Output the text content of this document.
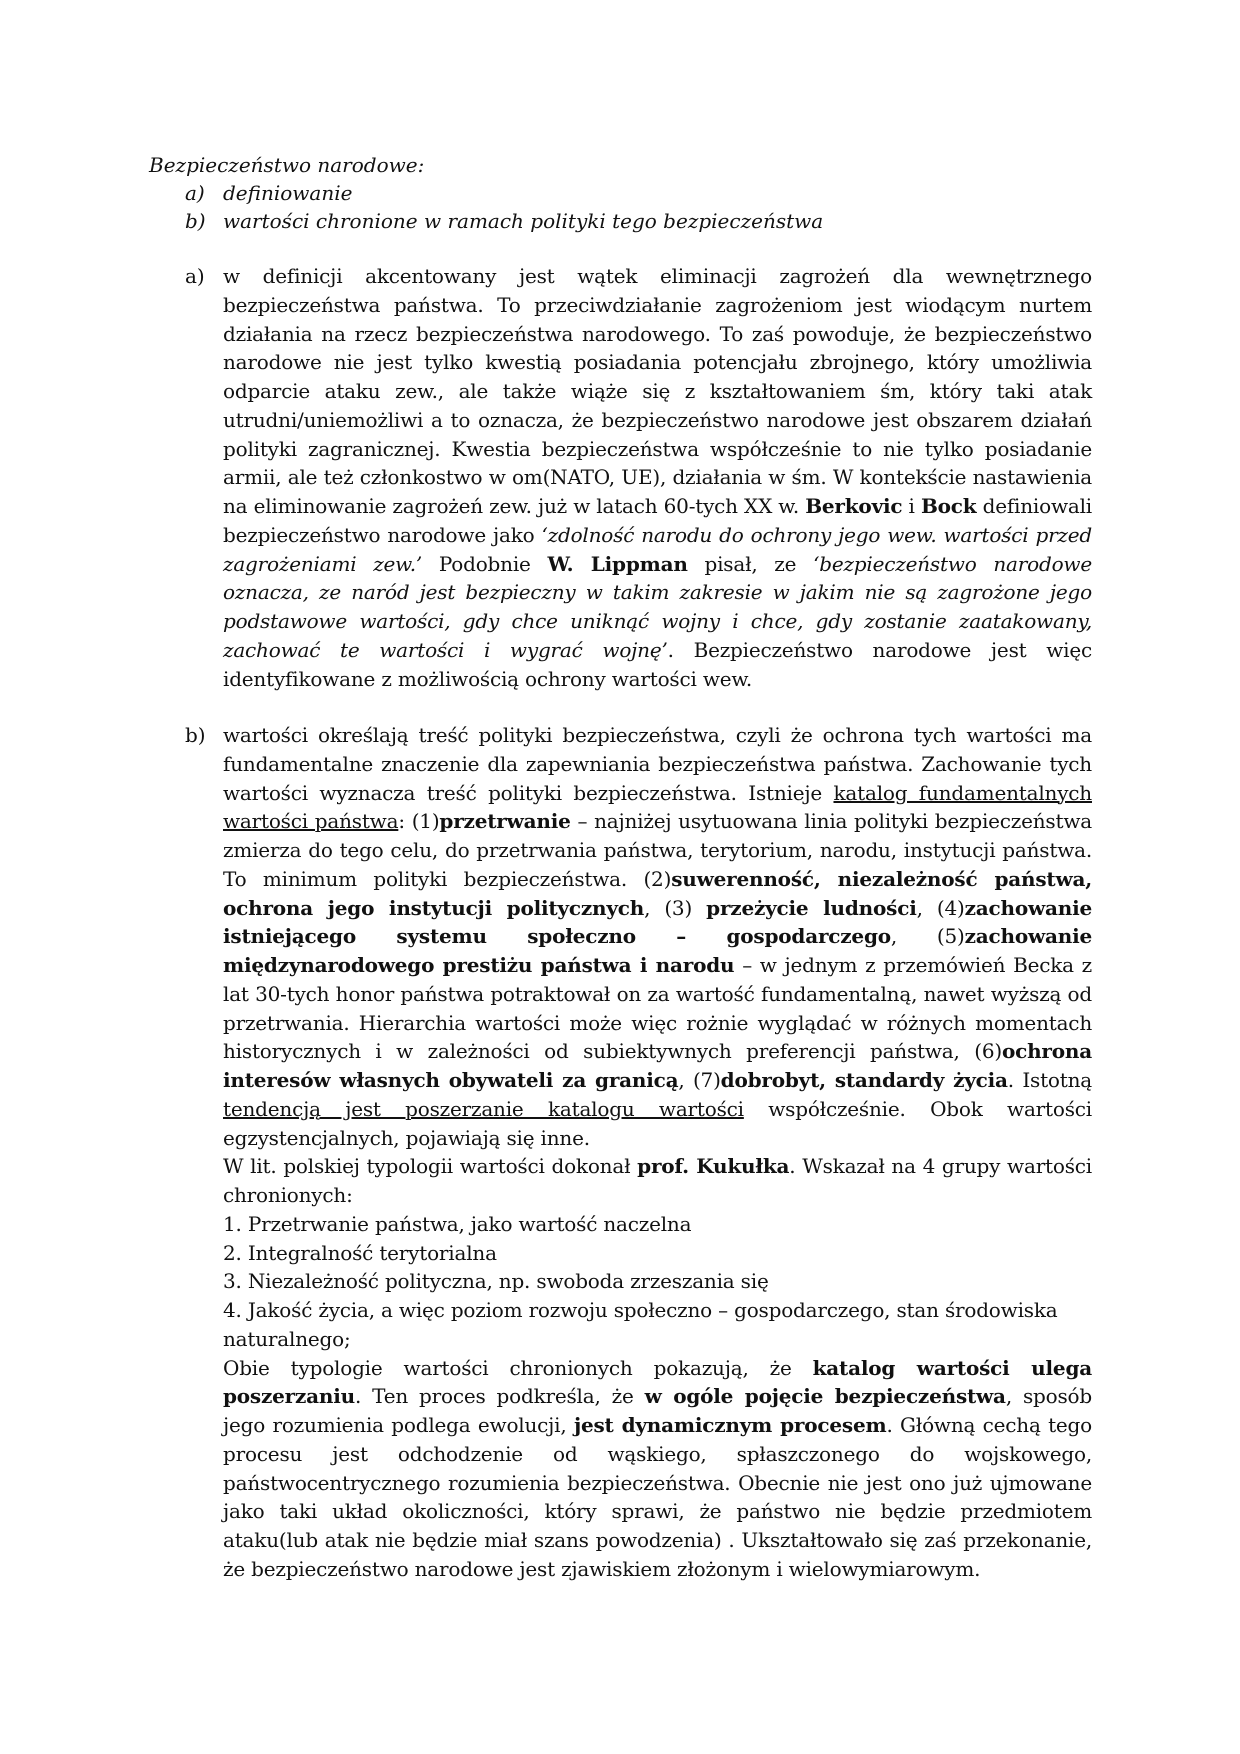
Bezpieczeństwo narodowe:

a) definiowanie
b) wartości chronione w ramach polityki tego bezpieczeństwa
a) w definicji akcentowany jest wątek eliminacji zagrożeń dla wewnętrznego bezpieczeństwa państwa. To przeciwdziałanie zagrożeniom jest wiodącym nurtem działania na rzecz bezpieczeństwa narodowego. To zaś powoduje, że bezpieczeństwo narodowe nie jest tylko kwestią posiadania potencjału zbrojnego, który umożliwia odparcie ataku zew., ale także wiąże się z kształtowaniem śm, który taki atak utrudni/uniemożliwi a to oznacza, że bezpieczeństwo narodowe jest obszarem działań polityki zagranicznej. Kwestia bezpieczeństwa współcześnie to nie tylko posiadanie armii, ale też członkostwo w om(NATO, UE), działania w śm. W kontekście nastawienia na eliminowanie zagrożeń zew. już w latach 60-tych XX w. Berkovic i Bock definiowali bezpieczeństwo narodowe jako ‘zdolność narodu do ochrony jego wew. wartości przed zagrożeniami zew.’ Podobnie W. Lippman pisał, ze ‘bezpieczeństwo narodowe oznacza, ze naród jest bezpieczny w takim zakresie w jakim nie są zagrożone jego podstawowe wartości, gdy chce uniknąć wojny i chce, gdy zostanie zaatakowany, zachować te wartości i wygrać wojnę’. Bezpieczeństwo narodowe jest więc identyfikowane z możliwością ochrony wartości wew.

b) wartości określają treść polityki bezpieczeństwa, czyli że ochrona tych wartości ma fundamentalne znaczenie dla zapewniania bezpieczeństwa państwa. Zachowanie tych wartości wyznacza treść polityki bezpieczeństwa. Istnieje katalog fundamentalnych wartości państwa: (1)przetrwanie – najniżej usytuowana linia polityki bezpieczeństwa zmierza do tego celu, do przetrwania państwa, terytorium, narodu, instytucji państwa. To minimum polityki bezpieczeństwa. (2)suwerenność, niezależność państwa, ochrona jego instytucji politycznych, (3) przeżycie ludności, (4)zachowanie istniejącego systemu społeczno – gospodarczego, (5)zachowanie międzynarodowego prestiżu państwa i narodu – w jednym z przemówień Becka z lat 30-tych honor państwa potraktował on za wartość fundamentalną, nawet wyższą od przetrwania. Hierarchia wartości może więc rożnie wyglądać w różnych momentach historycznych i w zależności od subiektywnych preferencji państwa, (6)ochrona interesów własnych obywateli za granicą, (7)dobrobyt, standardy życia. Istotną tendencją jest poszerzanie katalogu wartości współcześnie. Obok wartości egzystencjalnych, pojawiają się inne.

W lit. polskiej typologii wartości dokonał prof. Kukułka. Wskazał na 4 grupy wartości chronionych:

1. Przetrwanie państwa, jako wartość naczelna
2. Integralność terytorialna
3. Niezależność polityczna, np. swoboda zrzeszania się
4. Jakość życia, a więc poziom rozwoju społeczno – gospodarczego, stan środowiska naturalnego;

Obie typologie wartości chronionych pokazują, że katalog wartości ulega poszerzaniu. Ten proces podkreśla, że w ogóle pojęcie bezpieczeństwa, sposób jego rozumienia podlega ewolucji, jest dynamicznym procesem. Główną cechą tego procesu jest odchodzenie od wąskiego, spłaszczonego do wojskowego, państwocentrycznego rozumienia bezpieczeństwa. Obecnie nie jest ono już ujmowane jako taki układ okoliczności, który sprawi, że państwo nie będzie przedmiotem ataku(lub atak nie będzie miał szans powodzenia) . Ukształtowało się zaś przekonanie, że bezpieczeństwo narodowe jest zjawiskiem złożonym i wielowymiarowym.
